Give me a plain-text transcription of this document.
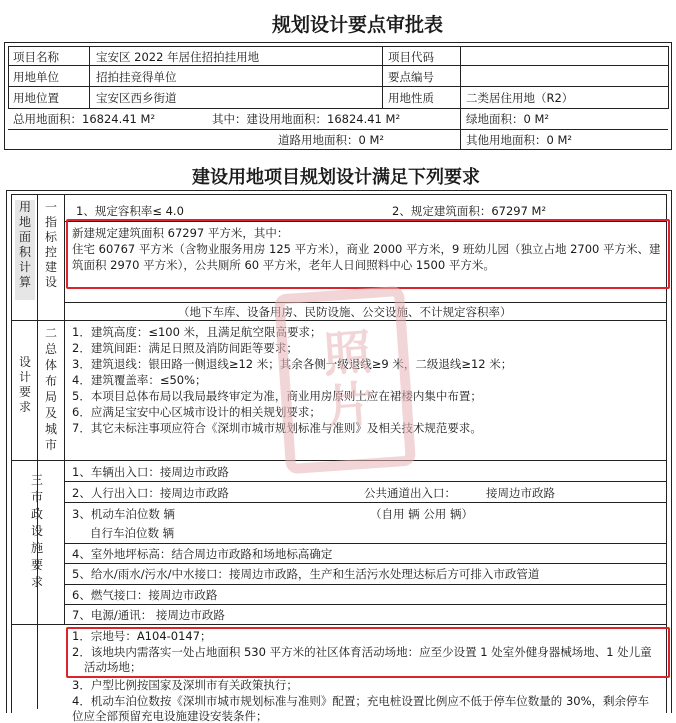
规划设计要点审批表
项目名称	宝安区 2022 年居住招拍挂用地	项目代码
用地单位	招拍挂竞得单位	要点编号
用地位置	宝安区西乡街道	用地性质	二类居住用地（R2）
总用地面积：16824.41 M²	其中：建设用地面积：16824.41 M²	绿地面积：0 M²
道路用地面积：0 M²	其他用地面积：0 M²
建设用地项目规划设计满足下列要求
用
地
面
积
计
算
一
指
标
控
建
设
1、规定容积率≤ 4.0	2、规定建筑面积：67297 M²
新建规定建筑面积 67297 平方米，其中：
住宅 60767 平方米（含物业服务用房 125 平方米），商业 2000 平方米，9 班幼儿园（独立占地 2700 平方米、建
筑面积 2970 平方米），公共厕所 60 平方米，老年人日间照料中心 1500 平方米。
（地下车库、设备用房、民防设施、公交设施、不计规定容积率）
设
计
要
求
二
总
体
布
局
及
城
市
1．建筑高度：≤100 米，且满足航空限高要求；
2．建筑间距：满足日照及消防间距等要求；
3．建筑退线：银田路一侧退线≥12 米；其余各侧一级退线≥9 米，二级退线≥12 米；
4．建筑覆盖率：≤50%；
5．本项目总体布局以我局最终审定为准，商业用房原则上应在裙楼内集中布置；
6．应满足宝安中心区城市设计的相关规划要求；
7．其它未标注事项应符合《深圳市城市规划标准与准则》及相关技术规范要求。
三
市
政
设
施
要
求
1、车辆出入口：接周边市政路
2、人行出入口：接周边市政路	公共通道出入口：	接周边市政路
3、机动车泊位数 辆	（自用 辆 公用 辆）
自行车泊位数 辆
4、室外地坪标高：结合周边市政路和场地标高确定
5、给水/雨水/污水/中水接口：接周边市政路，生产和生活污水处理达标后方可排入市政管道
6、燃气接口：接周边市政路
7、电源/通讯： 接周边市政路
1．宗地号：A104-0147；
2．该地块内需落实一处占地面积 530 平方米的社区体育活动场地：应至少设置 1 处室外健身器械场地、1 处儿童
活动场地；
3．户型比例按国家及深圳市有关政策执行；
4．机动车泊位数按《深圳市城市规划标准与准则》配置；充电桩设置比例应不低于停车位数量的 30%，剩余停车
位应全部预留充电设施建设安装条件；
照片
